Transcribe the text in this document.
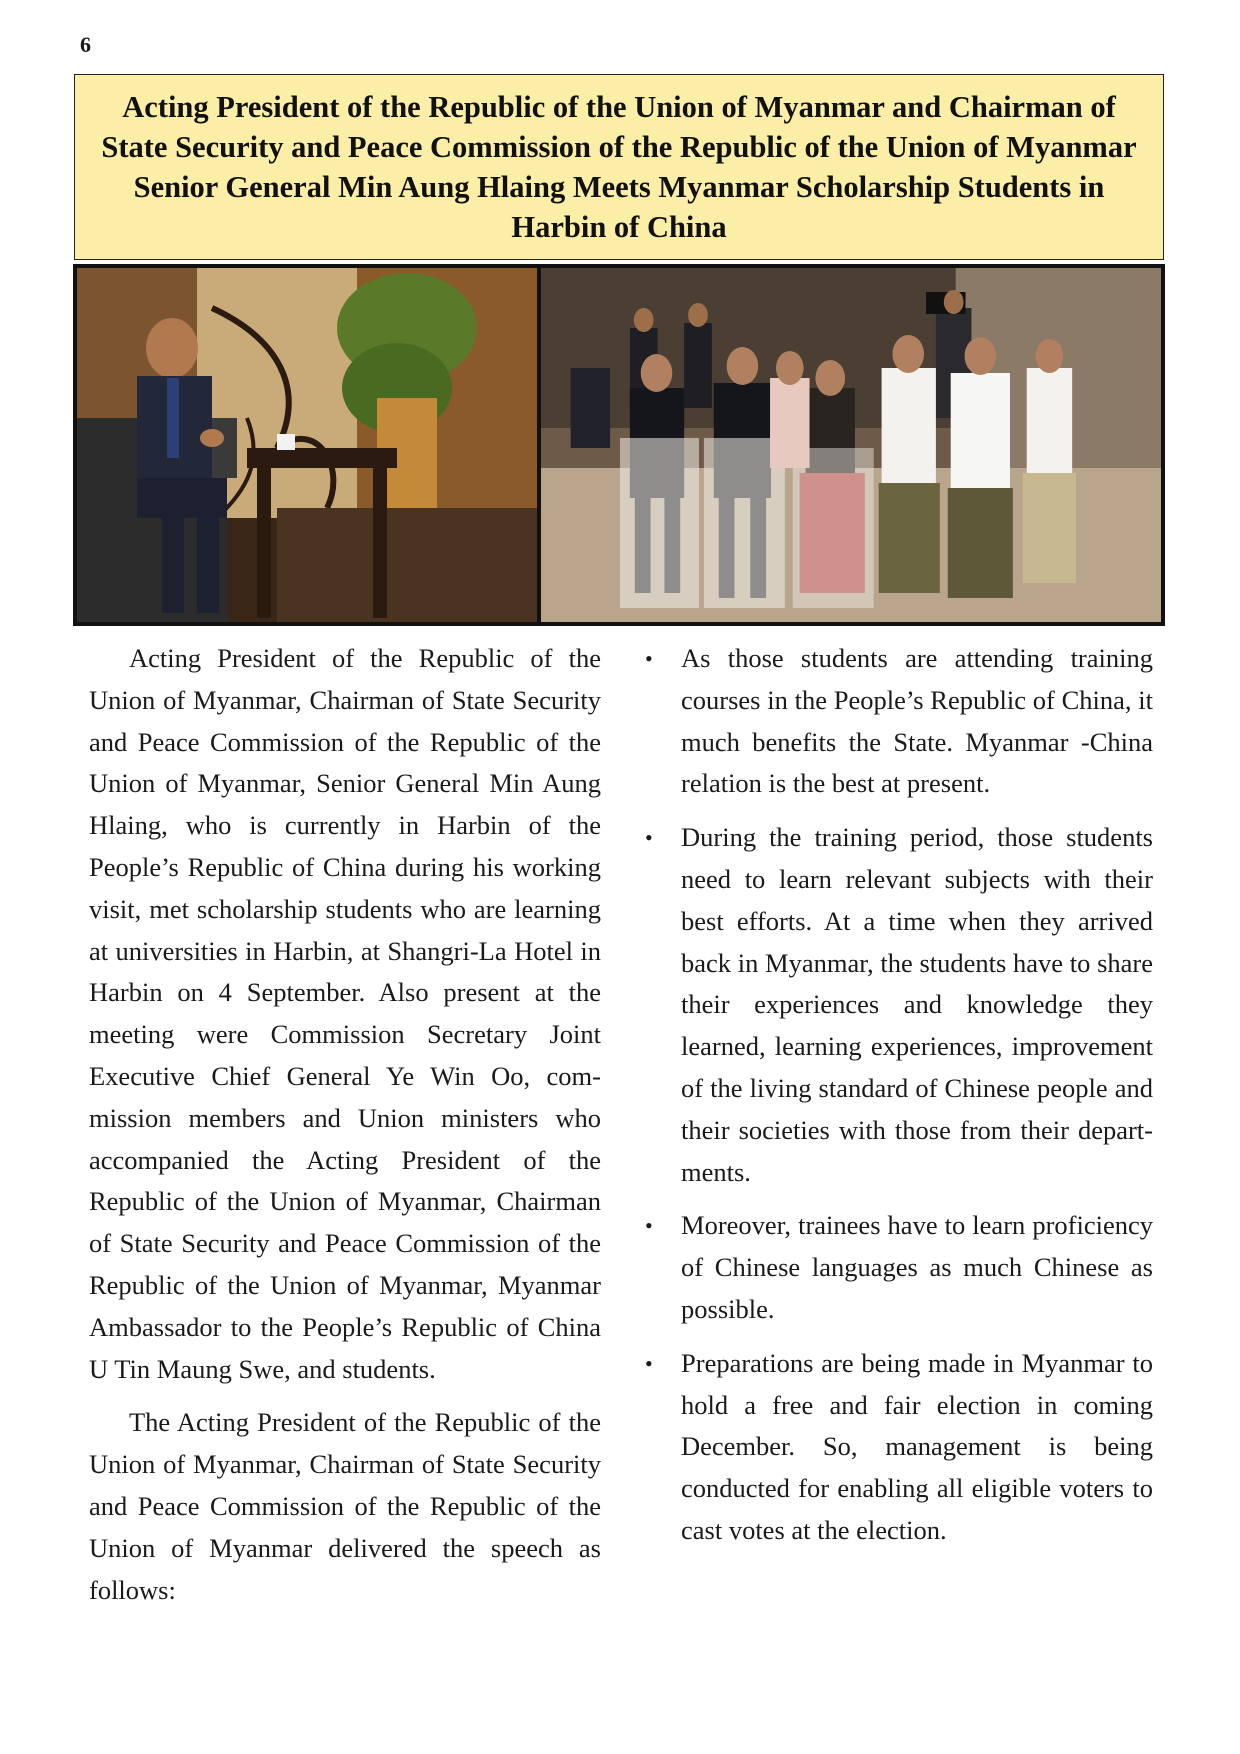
6
Acting President of the Republic of the Union of Myanmar and Chairman of State Security and Peace Commission of the Republic of the Union of Myanmar Senior General Min Aung Hlaing Meets Myanmar Scholarship Students in Harbin of China

Acting President of the Republic of the Union of Myanmar, Chairman of State Security and Peace Commission of the Republic of the Union of Myanmar, Senior General Min Aung Hlaing, who is currently in Harbin of the People’s Republic of China during his working visit, met scholarship students who are learning at universities in Harbin, at Shangri-La Hotel in Harbin on 4 September. Also present at the meeting were Commission Secretary Joint Executive Chief General Ye Win Oo, commission members and Union ministers who accompanied the Acting President of the Republic of the Union of Myanmar, Chairman of State Security and Peace Commission of the Republic of the Union of Myanmar, Myanmar Ambassador to the People’s Republic of China U Tin Maung Swe, and students.

The Acting President of the Republic of the Union of Myanmar, Chairman of State Security and Peace Commission of the Republic of the Union of Myanmar delivered the speech as follows:

• As those students are attending training courses in the People’s Republic of China, it much benefits the State. Myanmar -China relation is the best at present.
• During the training period, those students need to learn relevant subjects with their best efforts. At a time when they arrived back in Myanmar, the students have to share their experiences and knowledge they learned, learning experiences, improvement of the living standard of Chinese people and their societies with those from their departments.
• Moreover, trainees have to learn proficiency of Chinese languages as much Chinese as possible.
• Preparations are being made in Myanmar to hold a free and fair election in coming December. So, management is being conducted for enabling all eligible voters to cast votes at the election.
